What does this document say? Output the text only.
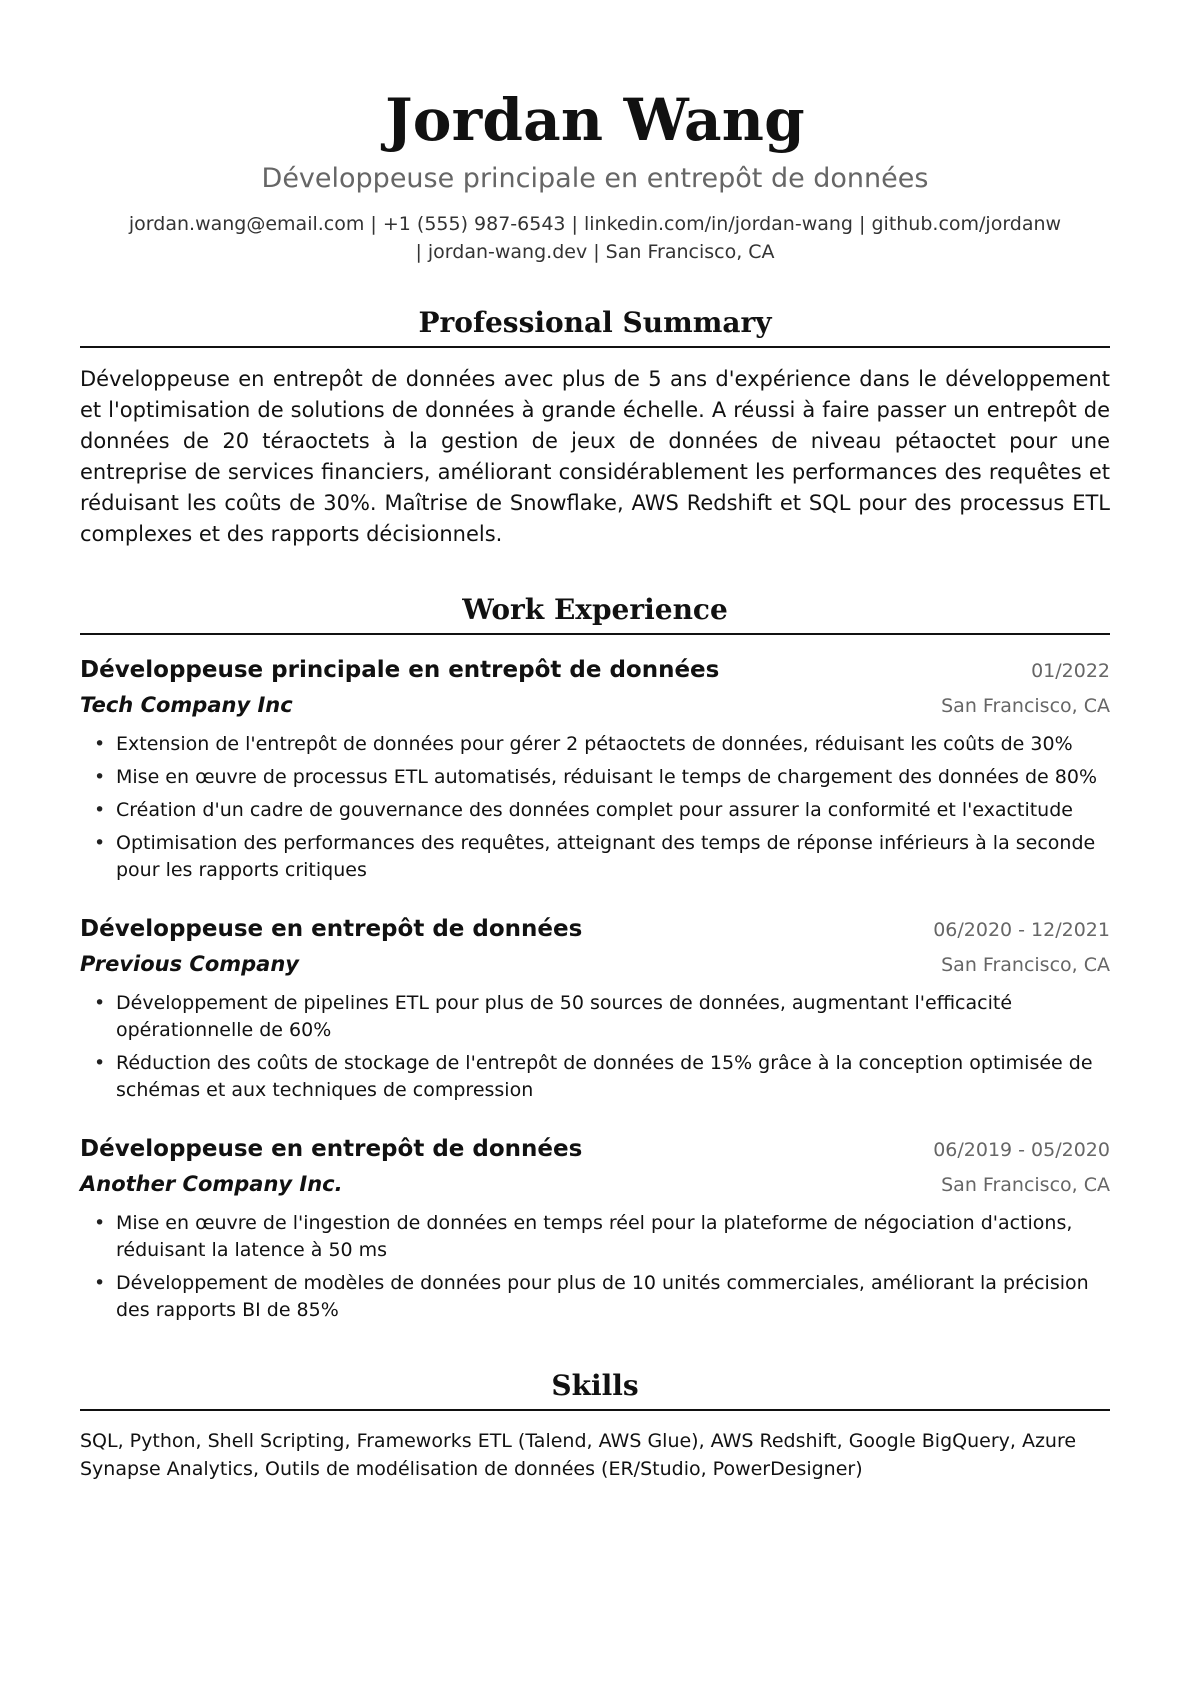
Jordan Wang
Développeuse principale en entrepôt de données
jordan.wang@email.com | +1 (555) 987-6543 | linkedin.com/in/jordan-wang | github.com/jordanw | jordan-wang.dev | San Francisco, CA
Professional Summary

Développeuse en entrepôt de données avec plus de 5 ans d'expérience dans le développement et l'optimisation de solutions de données à grande échelle. A réussi à faire passer un entrepôt de données de 20 téraoctets à la gestion de jeux de données de niveau pétaoctet pour une entreprise de services financiers, améliorant considérablement les performances des requêtes et réduisant les coûts de 30%. Maîtrise de Snowflake, AWS Redshift et SQL pour des processus ETL complexes et des rapports décisionnels.

Work Experience
Développeuse principale en entrepôt de données	01/2022
Tech Company Inc	San Francisco, CA
• Extension de l'entrepôt de données pour gérer 2 pétaoctets de données, réduisant les coûts de 30%
• Mise en œuvre de processus ETL automatisés, réduisant le temps de chargement des données de 80%
• Création d'un cadre de gouvernance des données complet pour assurer la conformité et l'exactitude
• Optimisation des performances des requêtes, atteignant des temps de réponse inférieurs à la seconde pour les rapports critiques
Développeuse en entrepôt de données	06/2020 - 12/2021
Previous Company	San Francisco, CA
• Développement de pipelines ETL pour plus de 50 sources de données, augmentant l'efficacité opérationnelle de 60%
• Réduction des coûts de stockage de l'entrepôt de données de 15% grâce à la conception optimisée de schémas et aux techniques de compression
Développeuse en entrepôt de données	06/2019 - 05/2020
Another Company Inc.	San Francisco, CA
• Mise en œuvre de l'ingestion de données en temps réel pour la plateforme de négociation d'actions, réduisant la latence à 50 ms
• Développement de modèles de données pour plus de 10 unités commerciales, améliorant la précision des rapports BI de 85%
Skills

SQL, Python, Shell Scripting, Frameworks ETL (Talend, AWS Glue), AWS Redshift, Google BigQuery, Azure Synapse Analytics, Outils de modélisation de données (ER/Studio, PowerDesigner)
